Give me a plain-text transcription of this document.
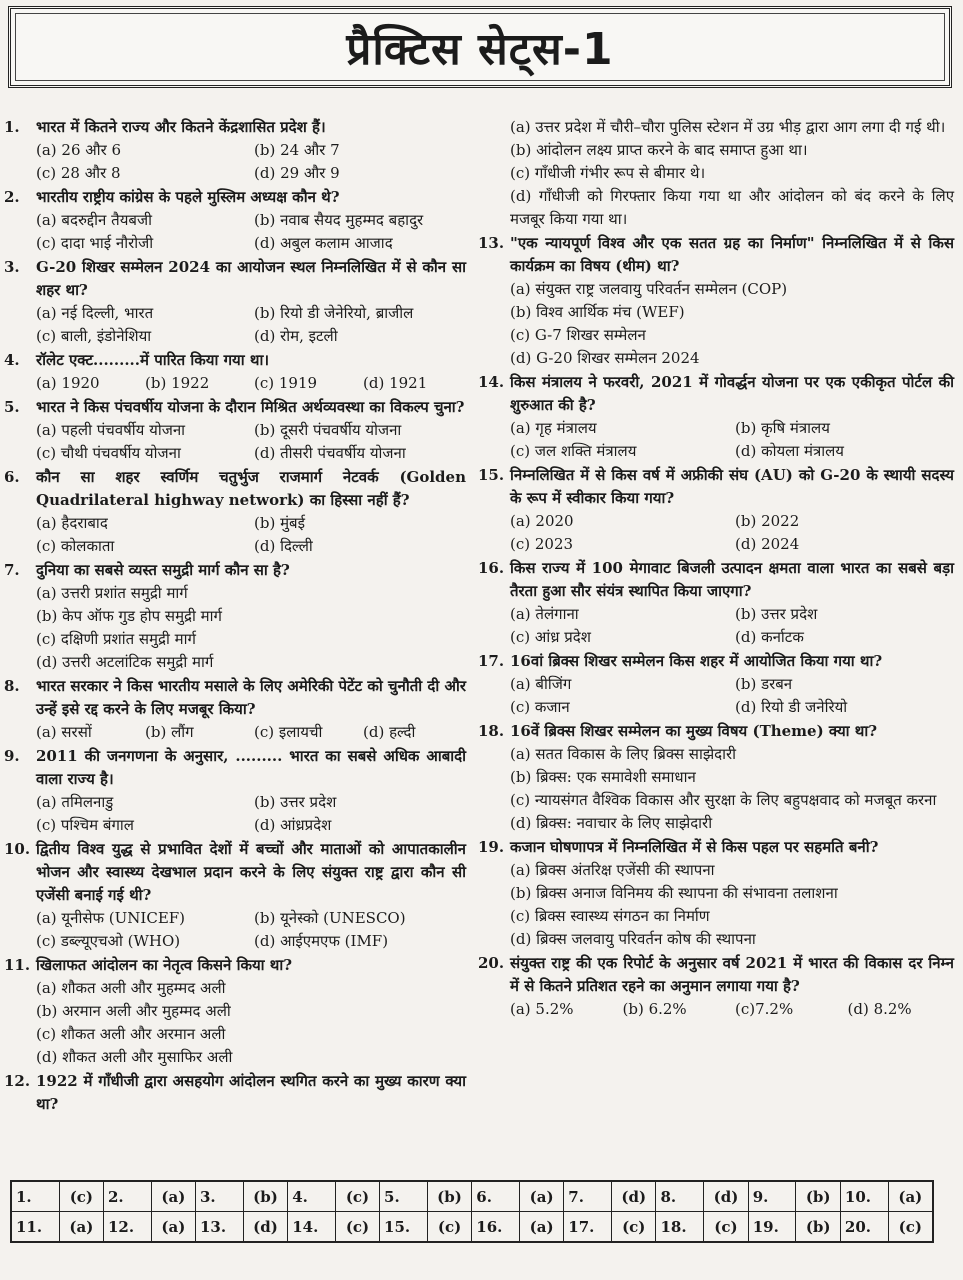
प्रैक्टिस सेट्स-1
1. भारत में कितने राज्य और कितने केंद्रशासित प्रदेश हैं।
(a) 26 और 6	(b) 24 और 7
(c) 28 और 8	(d) 29 और 9
2. भारतीय राष्ट्रीय कांग्रेस के पहले मुस्लिम अध्यक्ष कौन थे?
(a) बदरुद्दीन तैयबजी	(b) नवाब सैयद मुहम्मद बहादुर
(c) दादा भाई नौरोजी	(d) अबुल कलाम आजाद
3. G-20 शिखर सम्मेलन 2024 का आयोजन स्थल निम्नलिखित में से कौन सा शहर था?
(a) नई दिल्ली, भारत	(b) रियो डी जेनेरियो, ब्राजील
(c) बाली, इंडोनेशिया	(d) रोम, इटली
4. रॉलेट एक्ट.........में पारित किया गया था।
(a) 1920	(b) 1922	(c) 1919	(d) 1921
5. भारत ने किस पंचवर्षीय योजना के दौरान मिश्रित अर्थव्यवस्था का विकल्प चुना?
(a) पहली पंचवर्षीय योजना	(b) दूसरी पंचवर्षीय योजना
(c) चौथी पंचवर्षीय योजना	(d) तीसरी पंचवर्षीय योजना
6. कौन सा शहर स्वर्णिम चतुर्भुज राजमार्ग नेटवर्क (Golden Quadrilateral highway network) का हिस्सा नहीं हैं?
(a) हैदराबाद	(b) मुंबई
(c) कोलकाता	(d) दिल्ली
7. दुनिया का सबसे व्यस्त समुद्री मार्ग कौन सा है?
(a) उत्तरी प्रशांत समुद्री मार्ग
(b) केप ऑफ गुड होप समुद्री मार्ग
(c) दक्षिणी प्रशांत समुद्री मार्ग
(d) उत्तरी अटलांटिक समुद्री मार्ग
8. भारत सरकार ने किस भारतीय मसाले के लिए अमेरिकी पेटेंट को चुनौती दी और उन्हें इसे रद्द करने के लिए मजबूर किया?
(a) सरसों	(b) लौंग	(c) इलायची	(d) हल्दी
9. 2011 की जनगणना के अनुसार, ......... भारत का सबसे अधिक आबादी वाला राज्य है।
(a) तमिलनाडु	(b) उत्तर प्रदेश
(c) पश्चिम बंगाल	(d) आंध्रप्रदेश
10. द्वितीय विश्व युद्ध से प्रभावित देशों में बच्चों और माताओं को आपातकालीन भोजन और स्वास्थ्य देखभाल प्रदान करने के लिए संयुक्त राष्ट्र द्वारा कौन सी एजेंसी बनाई गई थी?
(a) यूनीसेफ (UNICEF)	(b) यूनेस्को (UNESCO)
(c) डब्ल्यूएचओ (WHO)	(d) आईएमएफ (IMF)
11. खिलाफत आंदोलन का नेतृत्व किसने किया था?
(a) शौकत अली और मुहम्मद अली
(b) अरमान अली और मुहम्मद अली
(c) शौकत अली और अरमान अली
(d) शौकत अली और मुसाफिर अली
12. 1922 में गाँधीजी द्वारा असहयोग आंदोलन स्थगित करने का मुख्य कारण क्या था?
(a) उत्तर प्रदेश में चौरी–चौरा पुलिस स्टेशन में उग्र भीड़ द्वारा आग लगा दी गई थी।
(b) आंदोलन लक्ष्य प्राप्त करने के बाद समाप्त हुआ था।
(c) गाँधीजी गंभीर रूप से बीमार थे।
(d) गाँधीजी को गिरफ्तार किया गया था और आंदोलन को बंद करने के लिए मजबूर किया गया था।
13. "एक न्यायपूर्ण विश्व और एक सतत ग्रह का निर्माण" निम्नलिखित में से किस कार्यक्रम का विषय (थीम) था?
(a) संयुक्त राष्ट्र जलवायु परिवर्तन सम्मेलन (COP)
(b) विश्व आर्थिक मंच (WEF)
(c) G-7 शिखर सम्मेलन
(d) G-20 शिखर सम्मेलन 2024
14. किस मंत्रालय ने फरवरी, 2021 में गोवर्द्धन योजना पर एक एकीकृत पोर्टल की शुरुआत की है?
(a) गृह मंत्रालय	(b) कृषि मंत्रालय
(c) जल शक्ति मंत्रालय	(d) कोयला मंत्रालय
15. निम्नलिखित में से किस वर्ष में अफ्रीकी संघ (AU) को G-20 के स्थायी सदस्य के रूप में स्वीकार किया गया?
(a) 2020	(b) 2022
(c) 2023	(d) 2024
16. किस राज्य में 100 मेगावाट बिजली उत्पादन क्षमता वाला भारत का सबसे बड़ा तैरता हुआ सौर संयंत्र स्थापित किया जाएगा?
(a) तेलंगाना	(b) उत्तर प्रदेश
(c) आंध्र प्रदेश	(d) कर्नाटक
17. 16वां ब्रिक्स शिखर सम्मेलन किस शहर में आयोजित किया गया था?
(a) बीजिंग	(b) डरबन
(c) कजान	(d) रियो डी जनेरियो
18. 16वें ब्रिक्स शिखर सम्मेलन का मुख्य विषय (Theme) क्या था?
(a) सतत विकास के लिए ब्रिक्स साझेदारी
(b) ब्रिक्स: एक समावेशी समाधान
(c) न्यायसंगत वैश्विक विकास और सुरक्षा के लिए बहुपक्षवाद को मजबूत करना
(d) ब्रिक्स: नवाचार के लिए साझेदारी
19. कजान घोषणापत्र में निम्नलिखित में से किस पहल पर सहमति बनी?
(a) ब्रिक्स अंतरिक्ष एजेंसी की स्थापना
(b) ब्रिक्स अनाज विनिमय की स्थापना की संभावना तलाशना
(c) ब्रिक्स स्वास्थ्य संगठन का निर्माण
(d) ब्रिक्स जलवायु परिवर्तन कोष की स्थापना
20. संयुक्त राष्ट्र की एक रिपोर्ट के अनुसार वर्ष 2021 में भारत की विकास दर निम्न में से कितने प्रतिशत रहने का अनुमान लगाया गया है?
(a) 5.2%	(b) 6.2%	(c)7.2%	(d) 8.2%
1.	(c)	2.	(a)	3.	(b)	4.	(c)	5.	(b)	6.	(a)	7.	(d)	8.	(d)	9.	(b)	10.	(a)
11.	(a)	12.	(a)	13.	(d)	14.	(c)	15.	(c)	16.	(a)	17.	(c)	18.	(c)	19.	(b)	20.	(c)
